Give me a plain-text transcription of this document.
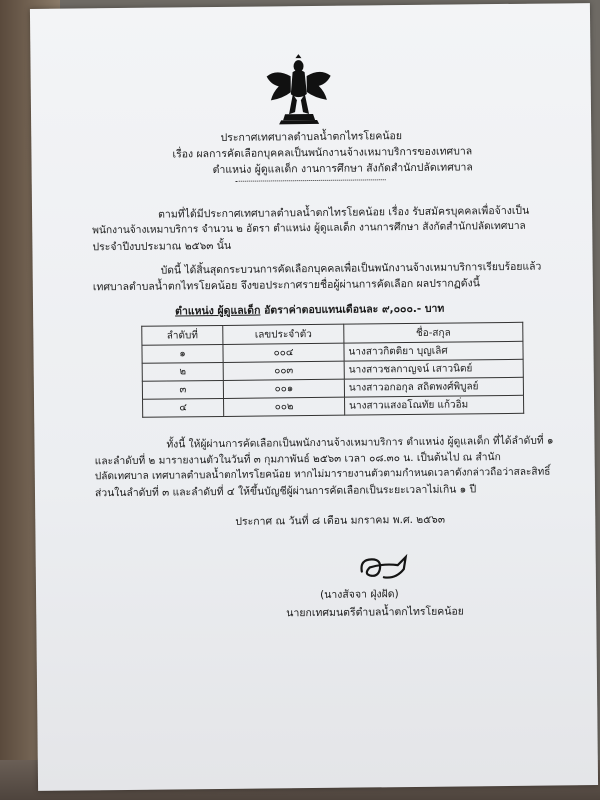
ประกาศเทศบาลตำบลน้ำตกไทรโยคน้อย
เรื่อง ผลการคัดเลือกบุคคลเป็นพนักงานจ้างเหมาบริการของเทศบาล
ตำแหน่ง ผู้ดูแลเด็ก งานการศึกษา สังกัดสำนักปลัดเทศบาล
ตามที่ได้มีประกาศเทศบาลตำบลน้ำตกไทรโยคน้อย เรื่อง รับสมัครบุคคลเพื่อจ้างเป็น
พนักงานจ้างเหมาบริการ จำนวน ๒ อัตรา ตำแหน่ง ผู้ดูแลเด็ก งานการศึกษา สังกัดสำนักปลัดเทศบาล
ประจำปีงบประมาณ ๒๕๖๓ นั้น
บัดนี้ ได้สิ้นสุดกระบวนการคัดเลือกบุคคลเพื่อเป็นพนักงานจ้างเหมาบริการเรียบร้อยแล้ว
เทศบาลตำบลน้ำตกไทรโยคน้อย จึงขอประกาศรายชื่อผู้ผ่านการคัดเลือก ผลปรากฏดังนี้
ตำแหน่ง ผู้ดูแลเด็ก อัตราค่าตอบแทนเดือนละ ๙,๐๐๐.- บาท
ลำดับที่	เลขประจำตัว	ชื่อ-สกุล
๑	๐๐๔	นางสาวกิตติยา บุญเลิศ
๒	๐๐๓	นางสาวชลกาญจน์ เสาวนิตย์
๓	๐๐๑	นางสาวอกอกุล สถิตพงศ์พิบูลย์
๔	๐๐๒	นางสาวแสงอโณทัย แก้วอิ่ม
ทั้งนี้ ให้ผู้ผ่านการคัดเลือกเป็นพนักงานจ้างเหมาบริการ ตำแหน่ง ผู้ดูแลเด็ก ที่ได้ลำดับที่ ๑
และลำดับที่ ๒ มารายงานตัวในวันที่ ๓ กุมภาพันธ์ ๒๕๖๓ เวลา ๐๘.๓๐ น. เป็นต้นไป ณ สำนัก
ปลัดเทศบาล เทศบาลตำบลน้ำตกไทรโยคน้อย หากไม่มารายงานตัวตามกำหนดเวลาดังกล่าวถือว่าสละสิทธิ์
ส่วนในลำดับที่ ๓ และลำดับที่ ๔ ให้ขึ้นบัญชีผู้ผ่านการคัดเลือกเป็นระยะเวลาไม่เกิน ๑ ปี
ประกาศ ณ วันที่ ๘ เดือน มกราคม พ.ศ. ๒๕๖๓
(นางสัจจา ฝุ่งฝัด)
นายกเทศมนตรีตำบลน้ำตกไทรโยคน้อย
